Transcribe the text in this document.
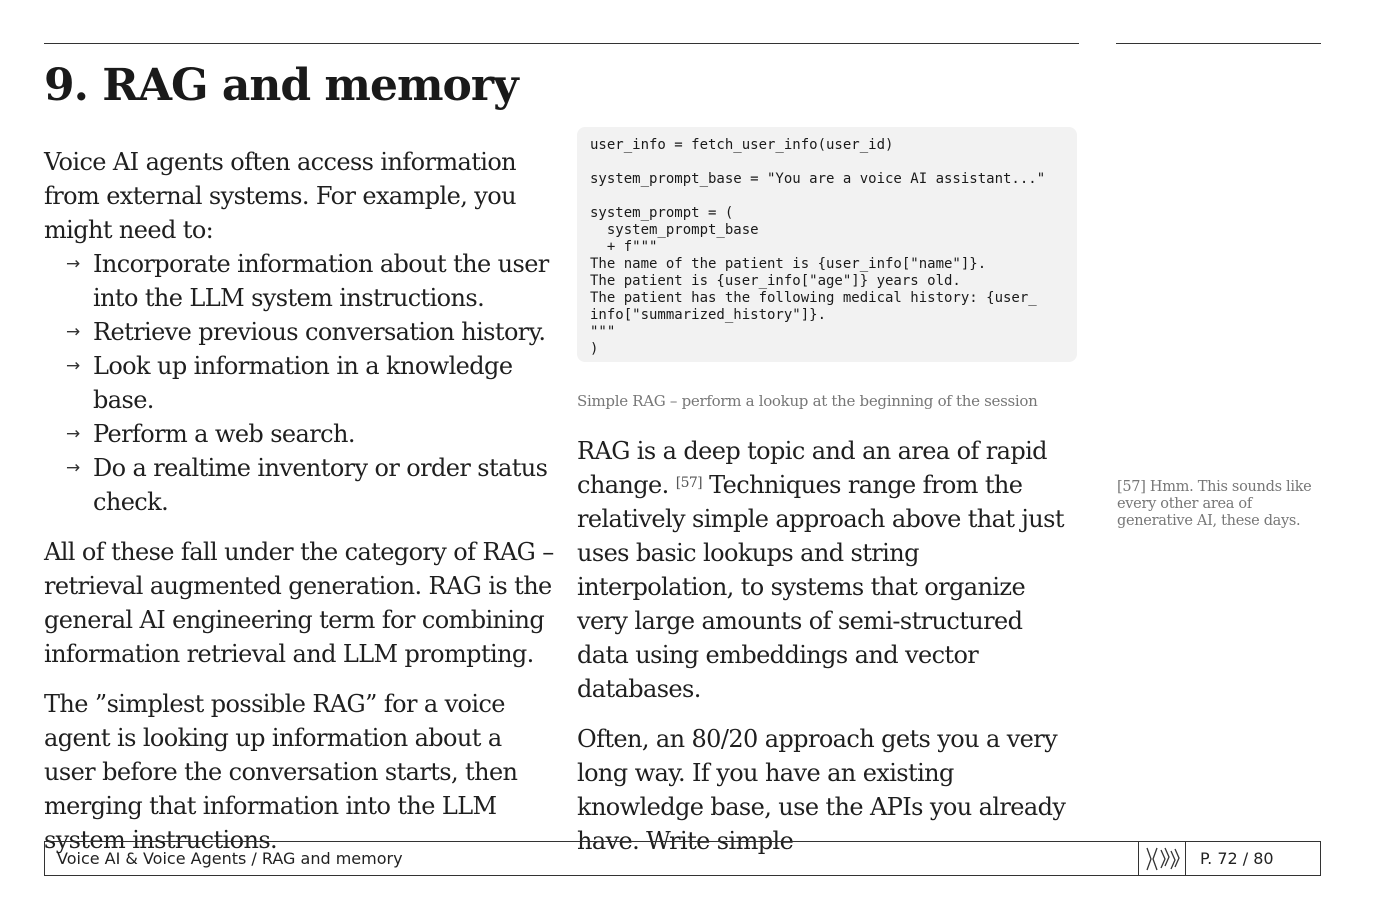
9. RAG and memory

Voice AI agents often access information from external systems. For example, you might need to:

→ Incorporate information about the user into the LLM system instructions.
→ Retrieve previous conversation history.
→ Look up information in a knowledge base.
→ Perform a web search.
→ Do a realtime inventory or order status check.

All of these fall under the category of RAG – retrieval augmented generation. RAG is the general AI engineering term for combining information retrieval and LLM prompting.

The ”simplest possible RAG” for a voice agent is looking up information about a user before the conversation starts, then merging that information into the LLM system instructions.

user_info = fetch_user_info(user_id)

system_prompt_base = "You are a voice AI assistant..."

system_prompt = (
system_prompt_base
+ f"""
The name of the patient is {user_info["name"]}.
The patient is {user_info["age"]} years old.
The patient has the following medical history: {user_
info["summarized_history"]}.
"""
)
Simple RAG – perform a lookup at the beginning of the session

RAG is a deep topic and an area of rapid change. [57] Techniques range from the relatively simple approach above that just uses basic lookups and string interpolation, to systems that organize very large amounts of semi-structured data using embeddings and vector databases.

Often, an 80/20 approach gets you a very long way. If you have an existing knowledge base, use the APIs you already have. Write simple

[57] Hmm. This sounds like every other area of generative AI, these days.
Voice AI & Voice Agents / RAG and memory	P. 72 / 80
